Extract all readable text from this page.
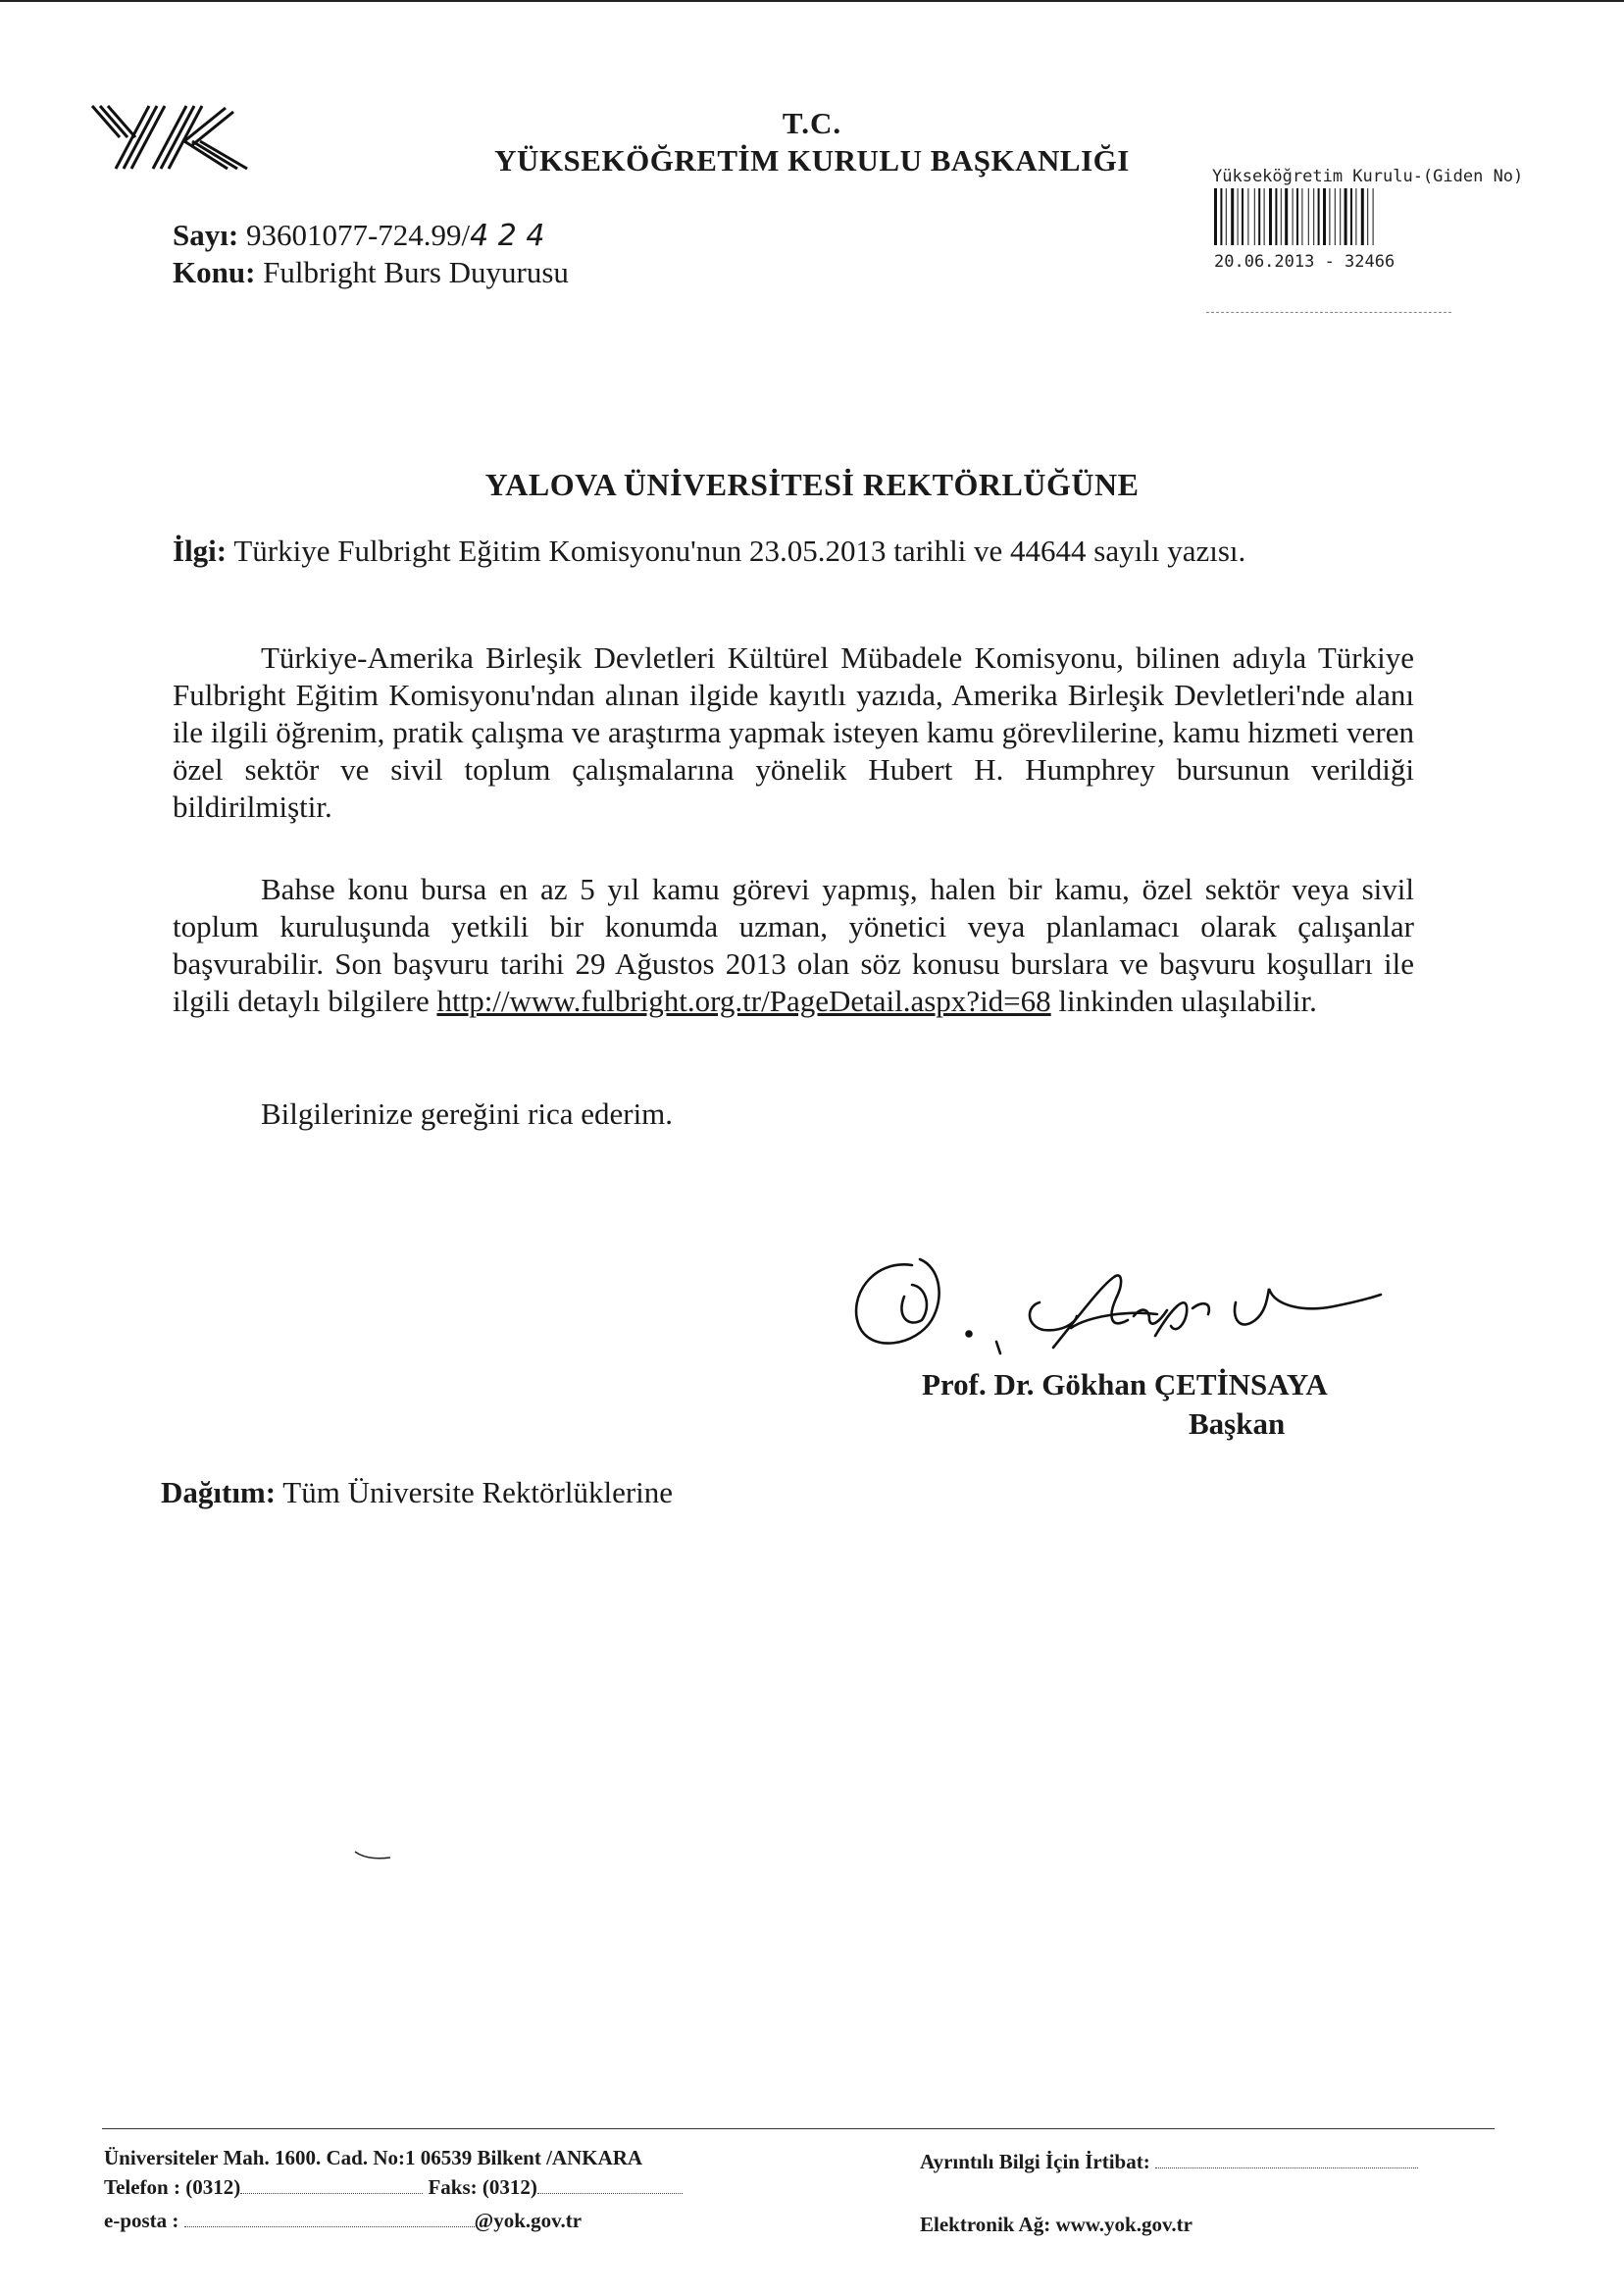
T.C.
YÜKSEKÖĞRETİM KURULU BAŞKANLIĞI
Sayı: 93601077-724.99/4 2 4
Konu: Fulbright Burs Duyurusu
Yükseköğretim Kurulu-(Giden No)
20.06.2013 - 32466
YALOVA ÜNİVERSİTESİ REKTÖRLÜĞÜNE
İlgi: Türkiye Fulbright Eğitim Komisyonu'nun 23.05.2013 tarihli ve 44644 sayılı yazısı.
Türkiye-Amerika Birleşik Devletleri Kültürel Mübadele Komisyonu, bilinen adıyla Türkiye Fulbright Eğitim Komisyonu'ndan alınan ilgide kayıtlı yazıda, Amerika Birleşik Devletleri'nde alanı ile ilgili öğrenim, pratik çalışma ve araştırma yapmak isteyen kamu görevlilerine, kamu hizmeti veren özel sektör ve sivil toplum çalışmalarına yönelik Hubert H. Humphrey bursunun verildiği bildirilmiştir.
Bahse konu bursa en az 5 yıl kamu görevi yapmış, halen bir kamu, özel sektör veya sivil toplum kuruluşunda yetkili bir konumda uzman, yönetici veya planlamacı olarak çalışanlar başvurabilir. Son başvuru tarihi 29 Ağustos 2013 olan söz konusu burslara ve başvuru koşulları ile ilgili detaylı bilgilere http://www.fulbright.org.tr/PageDetail.aspx?id=68 linkinden ulaşılabilir.
Bilgilerinize gereğini rica ederim.
Prof. Dr. Gökhan ÇETİNSAYA
Başkan
Dağıtım: Tüm Üniversite Rektörlüklerine
Üniversiteler Mah. 1600. Cad. No:1 06539 Bilkent /ANKARA
Telefon : (0312)	Faks: (0312)
e-posta :	@yok.gov.tr
Ayrıntılı Bilgi İçin İrtibat:
Elektronik Ağ: www.yok.gov.tr
